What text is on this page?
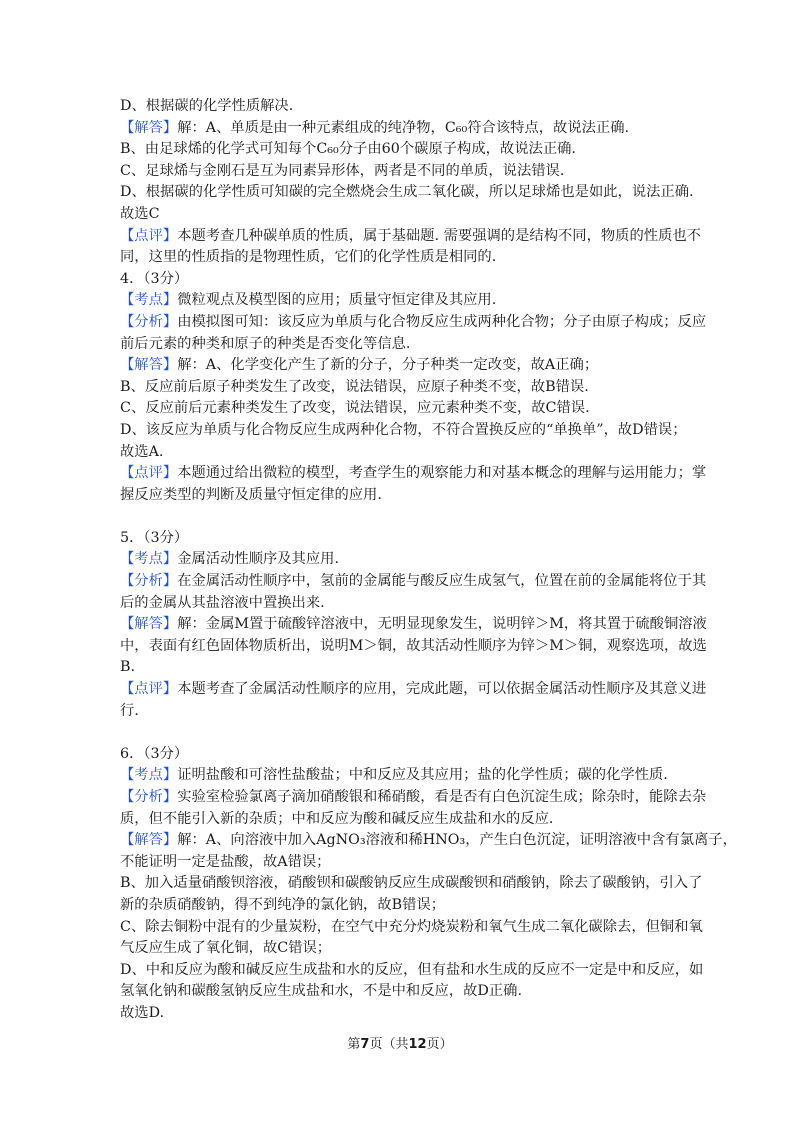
D、根据碳的化学性质解决.
【解答】解：A、单质是由一种元素组成的纯净物，C₆₀符合该特点，故说法正确.
B、由足球烯的化学式可知每个C₆₀分子由60个碳原子构成，故说法正确.
C、足球烯与金刚石是互为同素异形体，两者是不同的单质，说法错误.
D、根据碳的化学性质可知碳的完全燃烧会生成二氧化碳，所以足球烯也是如此，说法正确.
故选C
【点评】本题考查几种碳单质的性质，属于基础题. 需要强调的是结构不同，物质的性质也不
同，这里的性质指的是物理性质，它们的化学性质是相同的.
4．（3分）
【考点】微粒观点及模型图的应用；质量守恒定律及其应用.
【分析】由模拟图可知：该反应为单质与化合物反应生成两种化合物；分子由原子构成；反应
前后元素的种类和原子的种类是否变化等信息.
【解答】解：A、化学变化产生了新的分子，分子种类一定改变，故A正确；
B、反应前后原子种类发生了改变，说法错误，应原子种类不变，故B错误.
C、反应前后元素种类发生了改变，说法错误，应元素种类不变，故C错误.
D、该反应为单质与化合物反应生成两种化合物，不符合置换反应的“单换单”，故D错误；
故选A.
【点评】本题通过给出微粒的模型，考查学生的观察能力和对基本概念的理解与运用能力；掌
握反应类型的判断及质量守恒定律的应用.
5．（3分）
【考点】金属活动性顺序及其应用.
【分析】在金属活动性顺序中，氢前的金属能与酸反应生成氢气，位置在前的金属能将位于其
后的金属从其盐溶液中置换出来.
【解答】解：金属M置于硫酸锌溶液中，无明显现象发生，说明锌＞M，将其置于硫酸铜溶液
中，表面有红色固体物质析出，说明M＞铜，故其活动性顺序为锌＞M＞铜，观察选项，故选
B.
【点评】本题考查了金属活动性顺序的应用，完成此题，可以依据金属活动性顺序及其意义进
行.
6．（3分）
【考点】证明盐酸和可溶性盐酸盐；中和反应及其应用；盐的化学性质；碳的化学性质.
【分析】实验室检验氯离子滴加硝酸银和稀硝酸，看是否有白色沉淀生成；除杂时，能除去杂
质，但不能引入新的杂质；中和反应为酸和碱反应生成盐和水的反应.
【解答】解：A、向溶液中加入AgNO₃溶液和稀HNO₃，产生白色沉淀，证明溶液中含有氯离子，
不能证明一定是盐酸，故A错误；
B、加入适量硝酸钡溶液，硝酸钡和碳酸钠反应生成碳酸钡和硝酸钠，除去了碳酸钠，引入了
新的杂质硝酸钠，得不到纯净的氯化钠，故B错误；
C、除去铜粉中混有的少量炭粉，在空气中充分灼烧炭粉和氧气生成二氧化碳除去，但铜和氧
气反应生成了氧化铜，故C错误；
D、中和反应为酸和碱反应生成盐和水的反应，但有盐和水生成的反应不一定是中和反应，如
氢氧化钠和碳酸氢钠反应生成盐和水，不是中和反应，故D正确.
故选D.
第7页（共12页）
